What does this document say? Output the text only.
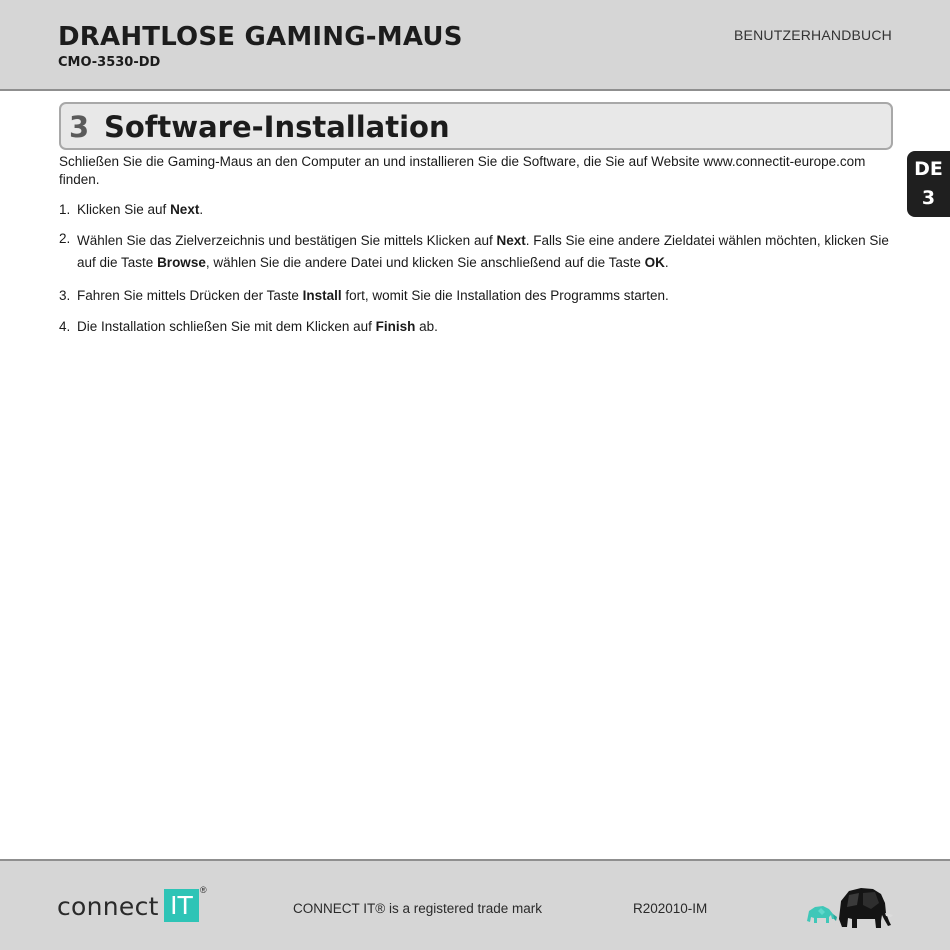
DRAHTLOSE GAMING-MAUS
CMO-3530-DD
BENUTZERHANDBUCH
3 Software-Installation
DE
3

Schließen Sie die Gaming-Maus an den Computer an und installieren Sie die Software, die Sie auf Website www.connectit-europe.com finden.

1. Klicken Sie auf Next.
2. Wählen Sie das Zielverzeichnis und bestätigen Sie mittels Klicken auf Next. Falls Sie eine andere Zieldatei wählen möchten, klicken Sie auf die Taste Browse, wählen Sie die andere Datei und klicken Sie anschließend auf die Taste OK.
3. Fahren Sie mittels Drücken der Taste Install fort, womit Sie die Installation des Programms starten.
4. Die Installation schließen Sie mit dem Klicken auf Finish ab.
connect IT
®
CONNECT IT® is a registered trade mark	R202010-IM
